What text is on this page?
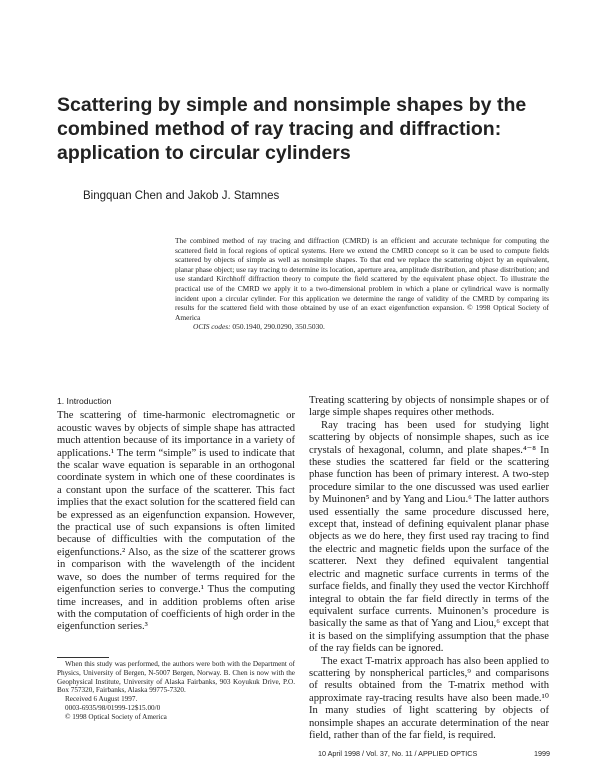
Scattering by simple and nonsimple shapes by the combined method of ray tracing and diffraction: application to circular cylinders
Bingquan Chen and Jakob J. Stamnes
The combined method of ray tracing and diffraction (CMRD) is an efficient and accurate technique for computing the scattered field in focal regions of optical systems. Here we extend the CMRD concept so it can be used to compute fields scattered by objects of simple as well as nonsimple shapes. To that end we replace the scattering object by an equivalent, planar phase object; use ray tracing to determine its location, aperture area, amplitude distribution, and phase distribution; and use standard Kirchhoff diffraction theory to compute the field scattered by the equivalent phase object. To illustrate the practical use of the CMRD we apply it to a two-dimensional problem in which a plane or cylindrical wave is normally incident upon a circular cylinder. For this application we determine the range of validity of the CMRD by comparing its results for the scattered field with those obtained by use of an exact eigenfunction expansion. © 1998 Optical Society of America
OCIS codes: 050.1940, 290.0290, 350.5030.
1. Introduction

The scattering of time-harmonic electromagnetic or acoustic waves by objects of simple shape has attracted much attention because of its importance in a variety of applications.¹ The term “simple” is used to indicate that the scalar wave equation is separable in an orthogonal coordinate system in which one of these coordinates is a constant upon the surface of the scatterer. This fact implies that the exact solution for the scattered field can be expressed as an eigenfunction expansion. However, the practical use of such expansions is often limited because of difficulties with the computation of the eigenfunctions.² Also, as the size of the scatterer grows in comparison with the wavelength of the incident wave, so does the number of terms required for the eigenfunction series to converge.¹ Thus the computing time increases, and in addition problems often arise with the computation of coefficients of high order in the eigenfunction series.³

Treating scattering by objects of nonsimple shapes or of large simple shapes requires other methods.

Ray tracing has been used for studying light scattering by objects of nonsimple shapes, such as ice crystals of hexagonal, column, and plate shapes.⁴⁻⁸ In these studies the scattered far field or the scattering phase function has been of primary interest. A two-step procedure similar to the one discussed was used earlier by Muinonen⁵ and by Yang and Liou.⁶ The latter authors used essentially the same procedure discussed here, except that, instead of defining equivalent planar phase objects as we do here, they first used ray tracing to find the electric and magnetic fields upon the surface of the scatterer. Next they defined equivalent tangential electric and magnetic surface currents in terms of the surface fields, and finally they used the vector Kirchhoff integral to obtain the far field directly in terms of the equivalent surface currents. Muinonen’s procedure is basically the same as that of Yang and Liou,⁶ except that it is based on the simplifying assumption that the phase of the ray fields can be ignored.

The exact T-matrix approach has also been applied to scattering by nonspherical particles,⁹ and comparisons of results obtained from the T-matrix method with approximate ray-tracing results have also been made.¹⁰ In many studies of light scattering by objects of nonsimple shapes an accurate determination of the near field, rather than of the far field, is required.

When this study was performed, the authors were both with the Department of Physics, University of Bergen, N-5007 Bergen, Norway. B. Chen is now with the Geophysical Institute, University of Alaska Fairbanks, 903 Koyukuk Drive, P.O. Box 757320, Fairbanks, Alaska 99775-7320.

Received 6 August 1997.

0003-6935/98/01999-12$15.00/0

© 1998 Optical Society of America

10 April 1998 / Vol. 37, No. 11 / APPLIED OPTICS	1999
